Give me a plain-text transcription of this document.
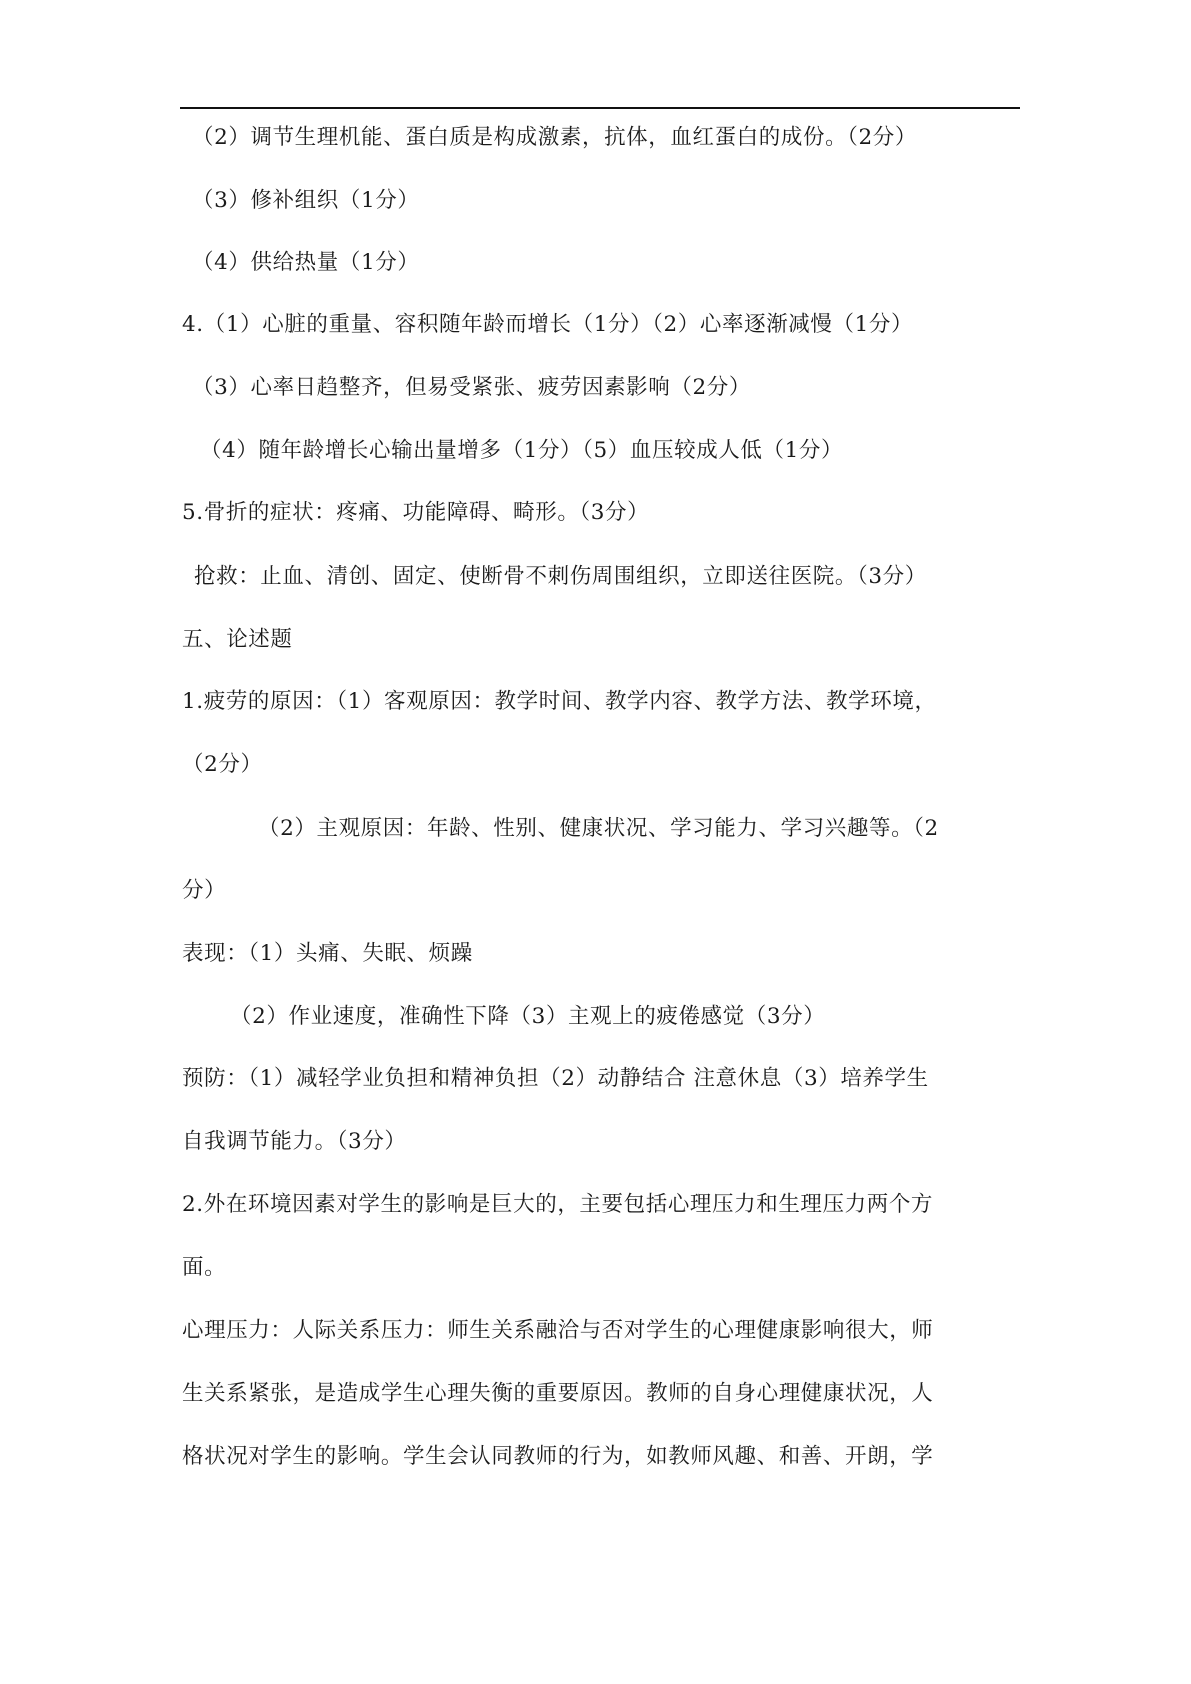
（2）调节生理机能、蛋白质是构成激素，抗体，血红蛋白的成份。（2分）
（3）修补组织（1分）
（4）供给热量（1分）
4.（1）心脏的重量、容积随年龄而增长（1分）（2）心率逐渐减慢（1分）
（3）心率日趋整齐，但易受紧张、疲劳因素影响（2分）
（4）随年龄增长心输出量增多（1分）（5）血压较成人低（1分）
5.骨折的症状：疼痛、功能障碍、畸形。（3分）
抢救：止血、清创、固定、使断骨不刺伤周围组织，立即送往医院。（3分）
五、论述题
1.疲劳的原因：（1）客观原因：教学时间、教学内容、教学方法、教学环境，
（2分）
（2）主观原因：年龄、性别、健康状况、学习能力、学习兴趣等。（2
分）
表现：（1）头痛、失眠、烦躁
（2）作业速度，准确性下降（3）主观上的疲倦感觉（3分）
预防：（1）减轻学业负担和精神负担（2）动静结合 注意休息（3）培养学生
自我调节能力。（3分）
2.外在环境因素对学生的影响是巨大的，主要包括心理压力和生理压力两个方
面。
心理压力：人际关系压力：师生关系融洽与否对学生的心理健康影响很大，师
生关系紧张，是造成学生心理失衡的重要原因。教师的自身心理健康状况，人
格状况对学生的影响。学生会认同教师的行为，如教师风趣、和善、开朗，学
